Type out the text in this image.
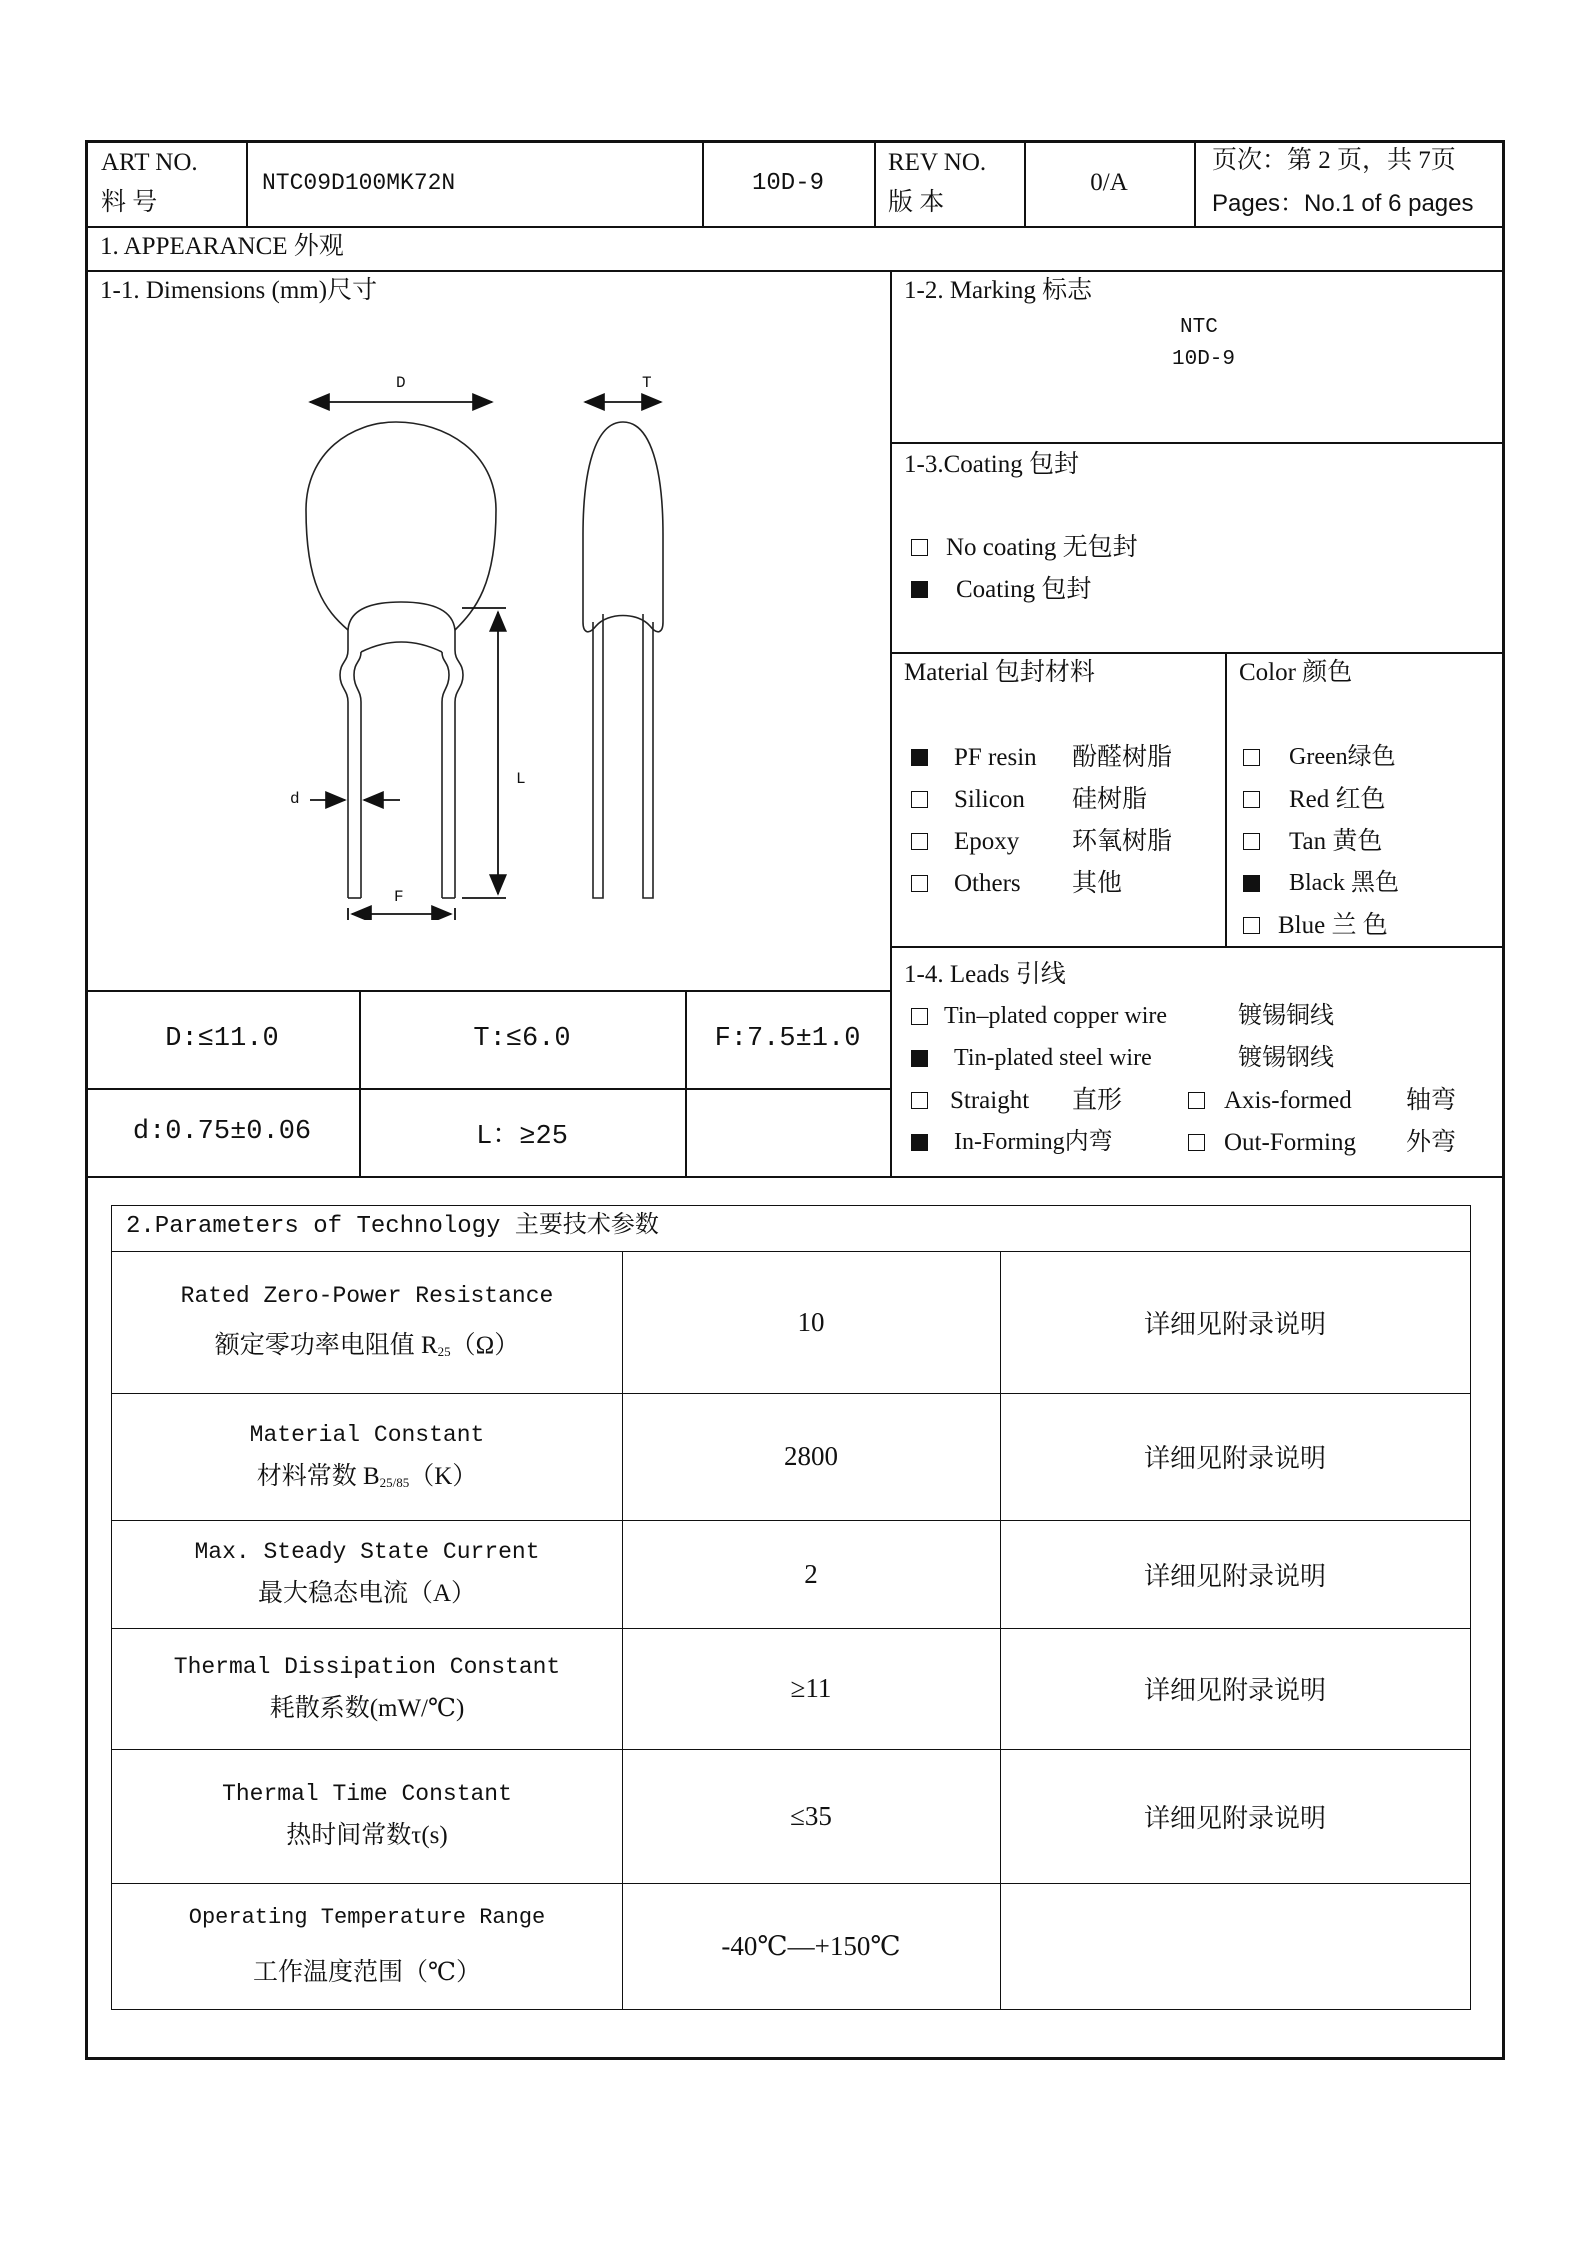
ART NO.
料 号
NTC09D100MK72N	10D-9
REV NO.
版 本
0/A
页次：第 2 页，共 7页
Pages：No.1 of 6 pages
1. APPEARANCE 外观
1-1. Dimensions (mm)尺寸
D	T
L
d
F
D:≤11.0	T:≤6.0	F:7.5±1.0
d:0.75±0.06	L：≥25
1-2. Marking 标志
NTC
10D-9
1-3.Coating 包封
No coating 无包封
Coating 包封
Material 包封材料
PF resin 酚醛树脂
Silicon 硅树脂
Epoxy 环氧树脂
Others 其他
Color 颜色
Green绿色
Red 红色
Tan 黄色
Black 黑色
Blue 兰 色
1-4. Leads 引线
Tin–plated copper wire	镀锡铜线
Tin-plated steel wire	镀锡钢线
Straight 直形	Axis-formed 轴弯
In-Forming内弯	Out-Forming 外弯
2.Parameters of Technology 主要技术参数
Rated Zero-Power Resistance
额定零功率电阻值 $R_{25}(\Omega)$
10	详细见附录说明
Material Constant
材料常数 $B_{25/85}(K)$
2800	详细见附录说明
Max. Steady State Current
最大稳态电流（A）
2	详细见附录说明
Thermal Dissipation Constant
耗散系数(mW/℃)
≥11	详细见附录说明
Thermal Time Constant
热时间常数τ(s)
≤35	详细见附录说明
Operating Temperature Range
工作温度范围（℃）
-40℃—+150℃
